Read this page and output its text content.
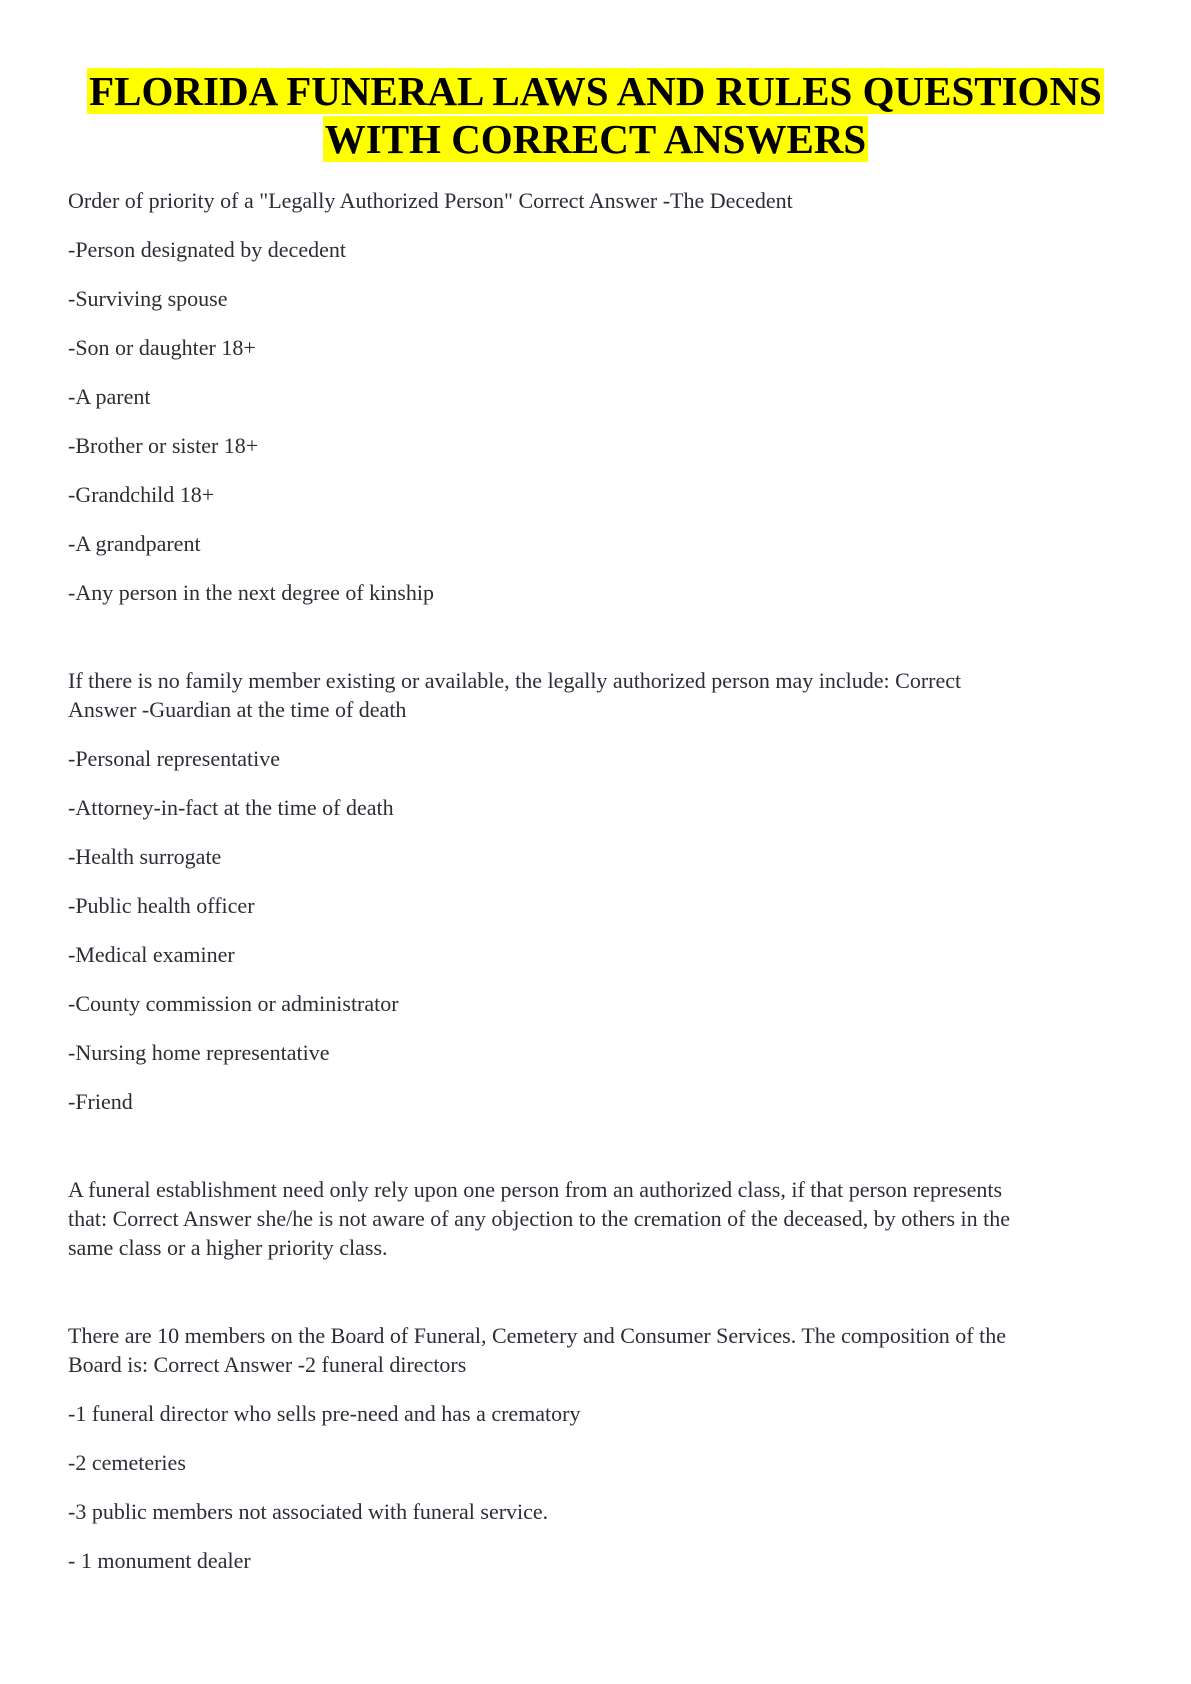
FLORIDA FUNERAL LAWS AND RULES QUESTIONS
WITH CORRECT ANSWERS

Order of priority of a "Legally Authorized Person" Correct Answer -The Decedent

-Person designated by decedent

-Surviving spouse

-Son or daughter 18+

-A parent

-Brother or sister 18+

-Grandchild 18+

-A grandparent

-Any person in the next degree of kinship

If there is no family member existing or available, the legally authorized person may include: Correct
Answer -Guardian at the time of death

-Personal representative

-Attorney-in-fact at the time of death

-Health surrogate

-Public health officer

-Medical examiner

-County commission or administrator

-Nursing home representative

-Friend

A funeral establishment need only rely upon one person from an authorized class, if that person represents
that: Correct Answer she/he is not aware of any objection to the cremation of the deceased, by others in the
same class or a higher priority class.

There are 10 members on the Board of Funeral, Cemetery and Consumer Services. The composition of the
Board is: Correct Answer -2 funeral directors

-1 funeral director who sells pre-need and has a crematory

-2 cemeteries

-3 public members not associated with funeral service.

- 1 monument dealer
